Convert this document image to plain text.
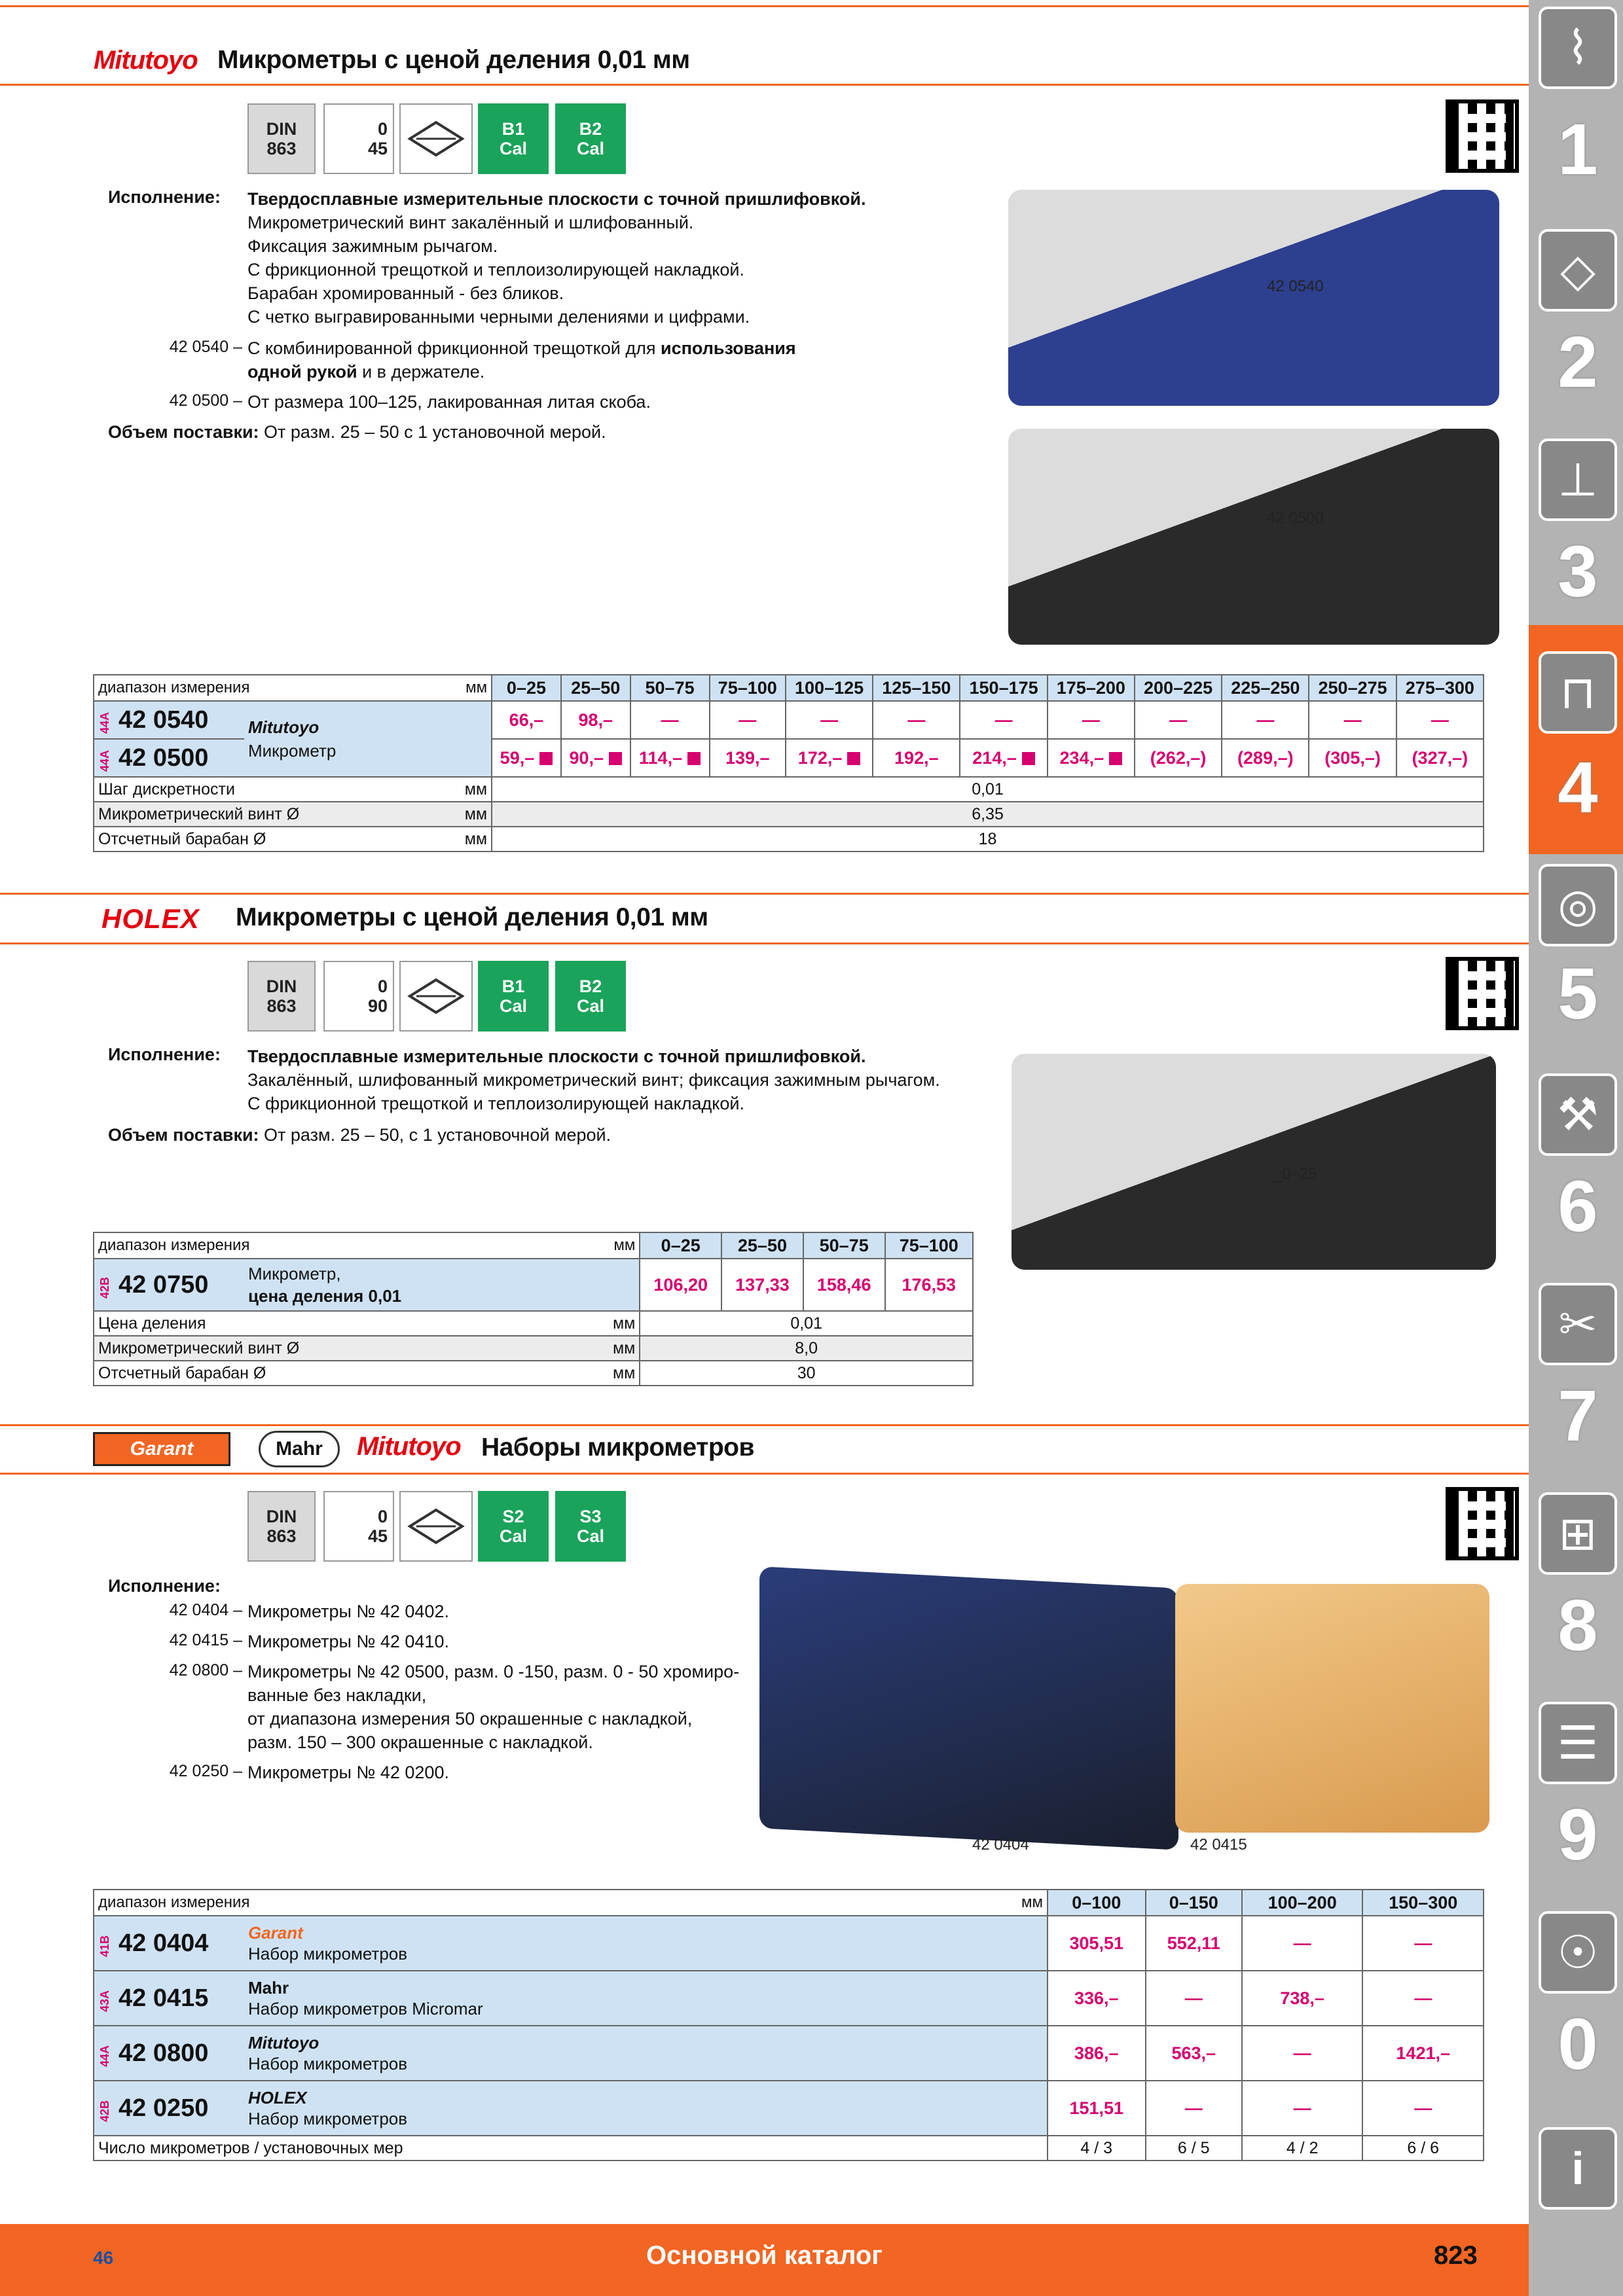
Mitutoyo Микрометры с ценой деления 0,01 мм
DIN
863
0
45
B1
Cal
B2
Cal
Исполнение: Твердосплавные измерительные плоскости с точной пришлифовкой.
Микрометрический винт закалённый и шлифованный.
Фиксация зажимным рычагом.
С фрикционной трещоткой и теплоизолирующей накладкой.
Барабан хромированный - без бликов.
С четко выгравированными черными делениями и цифрами.
42 0540 – С комбинированной фрикционной трещоткой для использования
одной рукой и в держателе.
42 0500 – От размера 100–125, лакированная литая скоба.
Объем поставки: От разм. 25 – 50 с 1 установочной мерой.
42 0540
42 0500
диапазон измерения мм		0–25	25–50	50–75	75–100	100–125	125–150	150–175	175–200	200–225	225–250	250–275	275–300
44A 42 0540	Mitutoyo
Микрометр	66,–	98,–	—	—	—	—	—	—	—	—	—	—
44A 42 0500		59,–	90,–	114,–	139,–	172,–	192,–	214,–	234,–	(262,–)	(289,–)	(305,–)	(327,–)
Шаг дискретности мм		0,01											
Микрометрический винт Ø мм		6,35											
Отсчетный барабан Ø мм		18											
HOLEX Микрометры с ценой деления 0,01 мм
DIN
863
0
90
B1
Cal
B2
Cal
Исполнение: Твердосплавные измерительные плоскости с точной пришлифовкой.
Закалённый, шлифованный микрометрический винт; фиксация зажимным рычагом.
С фрикционной трещоткой и теплоизолирующей накладкой.
Объем поставки: От разм. 25 – 50, с 1 установочной мерой.
_0–25
диапазон измерения мм		0–25	25–50	50–75	75–100
42B 42 0750	Микрометр,
цена деления 0,01	106,20	137,33	158,46	176,53
Цена деления мм		0,01			
Микрометрический винт Ø мм		8,0			
Отсчетный барабан Ø мм		30			
Garant	Mahr	Mitutoyo Наборы микрометров
DIN
863
0
45
S2
Cal
S3
Cal
Исполнение:
42 0404 – Микрометры № 42 0402.
42 0415 – Микрометры № 42 0410.
42 0800 – Микрометры № 42 0500, разм. 0 -150, разм. 0 - 50 хромиро-
ванные без накладки,
от диапазона измерения 50 окрашенные с накладкой,
разм. 150 – 300 окрашенные с накладкой.
42 0250 – Микрометры № 42 0200.
42 0404	42 0415
диапазон измерения мм		0–100	0–150	100–200	150–300
41B 42 0404	Garant
Набор микрометров	305,51	552,11	—	—
43A 42 0415	Mahr
Набор микрометров Micromar	336,–	—	738,–	—
44A 42 0800	Mitutoyo
Набор микрометров	386,–	563,–	—	1421,–
42B 42 0250	HOLEX
Набор микрометров	151,51	—	—	—
Число микрометров / установочных мер		4 / 3	6 / 5	4 / 2	6 / 6
46	Основной каталог	823
⌇
1
◇
2
⊥
3
⊓
4
◎
5
⚒
6
✂
7
⊞
8
☰
9
☉
0
i
